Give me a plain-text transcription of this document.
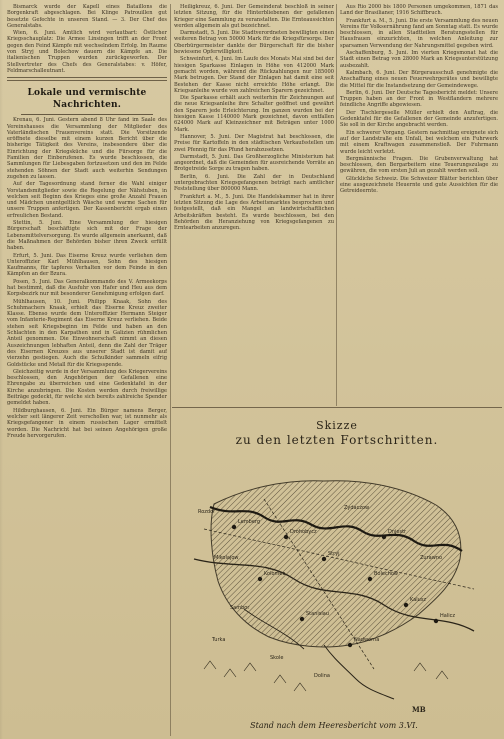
Bismarck wurde der Kapell eines Bataillons die Borgenkraft abgeschlagen. Bei Klinge Patrouillen gut besetzte Gefechte in unseren Stand. — 3. Der Chef des Generalstabs.

Wien, 6. Juni. Amtlich wird verlautbart: Östlicher Kriegsschauplatz: Die Armee Linsingen trifft an der Front gegen den Feind Kämpfe mit wechselndem Erfolg. Im Raume von Stryj und Bolechow dauern die Kämpfe an. Die italienischen Truppen wurden zurückgeworfen. Der Stellvertreter des Chefs des Generalstabes: v. Höfer, Feldmarschalleutnant.

Lokale und vermischte Nachrichten.

Krenau, 6. Juni. Gestern abend 8 Uhr fand im Saale des Vereinshauses die Versammlung der Mitglieder des Vaterländischen Frauenvereins statt. Die Vorsitzende eröffnete dieselbe mit einem kurzen Bericht über die bisherige Tätigkeit des Vereins, insbesondere über die Einrichtung der Kriegsküche und die Fürsorge für die Familien der Einberufenen. Es wurde beschlossen, die Sammlungen für Liebesgaben fortzusetzen und den im Felde stehenden Söhnen der Stadt auch weiterhin Sendungen zugehen zu lassen.

Auf der Tagesordnung stand ferner die Wahl einiger Vorstandsmitglieder sowie die Regelung der Nähstuben, in welchen seit Beginn des Krieges eine große Anzahl Frauen und Mädchen unentgeltlich Wäsche und warme Sachen für unsere Truppen anfertigen. Der Kassenbericht ergab einen erfreulichen Bestand.

Stettin, 5. Juni. Eine Versammlung der hiesigen Bürgerschaft beschäftigte sich mit der Frage der Lebensmittelversorgung. Es wurde allgemein anerkannt, daß die Maßnahmen der Behörden bisher ihren Zweck erfüllt haben.

Erfurt, 5. Juni. Das Eiserne Kreuz wurde verliehen dem Unteroffizier Karl Mühlhausen, Sohn des hiesigen Kaufmanns, für tapferes Verhalten vor dem Feinde in den Kämpfen an der Bzura.

Posen, 5. Juni. Das Generalkommando des V. Armeekorps hat bestimmt, daß die Ausfuhr von Hafer und Heu aus dem Korpsbezirk nur mit besonderer Genehmigung erfolgen darf.

Mühlhausen, 10. Juni. Philipp Knaak, Sohn des Schuhmachers Knaak, erhielt das Eiserne Kreuz zweiter Klasse. Ebenso wurde dem Unteroffizier Hermann Steiger vom Infanterie-Regiment das Eiserne Kreuz verliehen. Beide stehen seit Kriegsbeginn im Felde und haben an den Schlachten in den Karpathen und in Galizien rühmlichen Anteil genommen. Die Einwohnerschaft nimmt an diesen Auszeichnungen lebhaften Anteil, denn die Zahl der Träger des Eisernen Kreuzes aus unserer Stadt ist damit auf vierzehn gestiegen. Auch die Schulkinder sammeln eifrig Goldstücke und Metall für die Kriegsspende.

Gleichzeitig wurde in der Versammlung des Kriegervereins beschlossen, den Angehörigen der Gefallenen eine Ehrengabe zu überreichen und eine Gedenktafel in der Kirche anzubringen. Die Kosten werden durch freiwillige Beiträge gedeckt, für welche sich bereits zahlreiche Spender gemeldet haben.

Hildburghausen, 6. Juni. Ein Bürger namens Berger, welcher seit längerer Zeit verschollen war, ist nunmehr als Kriegsgefangener in einem russischen Lager ermittelt worden. Die Nachricht hat bei seinen Angehörigen große Freude hervorgerufen.

Heiligkreuz, 6. Juni. Der Gemeinderat beschloß in seiner letzten Sitzung, für die Hinterbliebenen der gefallenen Krieger eine Sammlung zu veranstalten. Die Ernteaussichten werden allgemein als gut bezeichnet.

Darmstadt, 5. Juni. Die Stadtverordneten bewilligten einen weiteren Betrag von 50000 Mark für die Kriegsfürsorge. Der Oberbürgermeister dankte der Bürgerschaft für die bisher bewiesene Opferwilligkeit.

Schweinfurt, 4. Juni. Im Laufe des Monats Mai sind bei der hiesigen Sparkasse Einlagen in Höhe von 412000 Mark gemacht worden, während die Rückzahlungen nur 185000 Mark betrugen. Der Stand der Einlagen hat damit eine seit Bestehen der Kasse nicht erreichte Höhe erlangt. Die Kriegsanleihe wurde von zahlreichen Sparern gezeichnet.

Die Sparkasse erhält auch weiterhin für Zeichnungen auf die neue Kriegsanleihe ihre Schalter geöffnet und gewährt den Sparern jede Erleichterung. Im ganzen wurden bei der hiesigen Kasse 1140000 Mark gezeichnet, davon entfallen 624000 Mark auf Kleinzeichner mit Beträgen unter 1000 Mark.

Hannover, 5. Juni. Der Magistrat hat beschlossen, die Preise für Kartoffeln in den städtischen Verkaufsstellen um zwei Pfennig für das Pfund herabzusetzen.

Darmstadt, 5. Juni. Das Großherzogliche Ministerium hat angeordnet, daß die Gemeinden für ausreichende Vorräte an Brotgetreide Sorge zu tragen haben.

Berlin, 6. Juni. Die Zahl der in Deutschland untergebrachten Kriegsgefangenen beträgt nach amtlicher Feststellung über 800000 Mann.

Frankfurt a. M., 5. Juni. Die Handelskammer hat in ihrer letzten Sitzung die Lage des Arbeitsmarktes besprochen und festgestellt, daß ein Mangel an landwirtschaftlichen Arbeitskräften besteht. Es wurde beschlossen, bei den Behörden die Heranziehung von Kriegsgefangenen zu Erntearbeiten anzuregen.

Aus Rio 2000 bis 1800 Personen umgekommen, 1871 das Land der Brasilianer, 1916 Schiffbruch.

Frankfurt a. M., 5. Juni. Die erste Versammlung des neuen Vereins für Volksernährung fand am Sonntag statt. Es wurde beschlossen, in allen Stadtteilen Beratungsstellen für Hausfrauen einzurichten, in welchen Anleitung zur sparsamen Verwendung der Nahrungsmittel gegeben wird.

Aschaffenburg, 5. Juni. Im vierten Kriegsmonat hat die Stadt einen Betrag von 28000 Mark an Kriegsunterstützung ausbezahlt.

Kalmbach, 6. Juni. Der Bürgerausschuß genehmigte die Anschaffung eines neuen Feuerwehrgerätes und bewilligte die Mittel für die Instandsetzung der Gemeindewege.

Berlin, 6. Juni. Der Deutsche Tagesbericht meldet: Unsere Truppen haben an der Front in Westflandern mehrere feindliche Angriffe abgewiesen.

Der Tischlergeselle Müller erhielt den Auftrag, die Gedenktafel für die Gefallenen der Gemeinde anzufertigen. Sie soll in der Kirche angebracht werden.

Ein schwerer Vorgang. Gestern nachmittag ereignete sich auf der Landstraße ein Unfall, bei welchem ein Fuhrwerk mit einem Kraftwagen zusammenstieß. Der Fuhrmann wurde leicht verletzt.

Bergmännische Fragen. Die Grubenverwaltung hat beschlossen, den Bergarbeitern eine Teuerungszulage zu gewähren, die vom ersten Juli an gezahlt werden soll.

Glückliche Schweiz. Die Schweizer Blätter berichten über eine ausgezeichnete Heuernte und gute Aussichten für die Getreideernte.

Skizze
zu den letzten Fortschritten.
Lemberg
Drohobycz
Stryj
Bolechow
Kalusz
Halicz
Stanislau
Nadworna
Kolomea
Dnjestr
Zurawno
Mikolajow
Rozdol
Zydaczow
Sambor
Turka
Skole
Dolina
MB
Stand nach dem Heeresbericht vom 3.VI.
